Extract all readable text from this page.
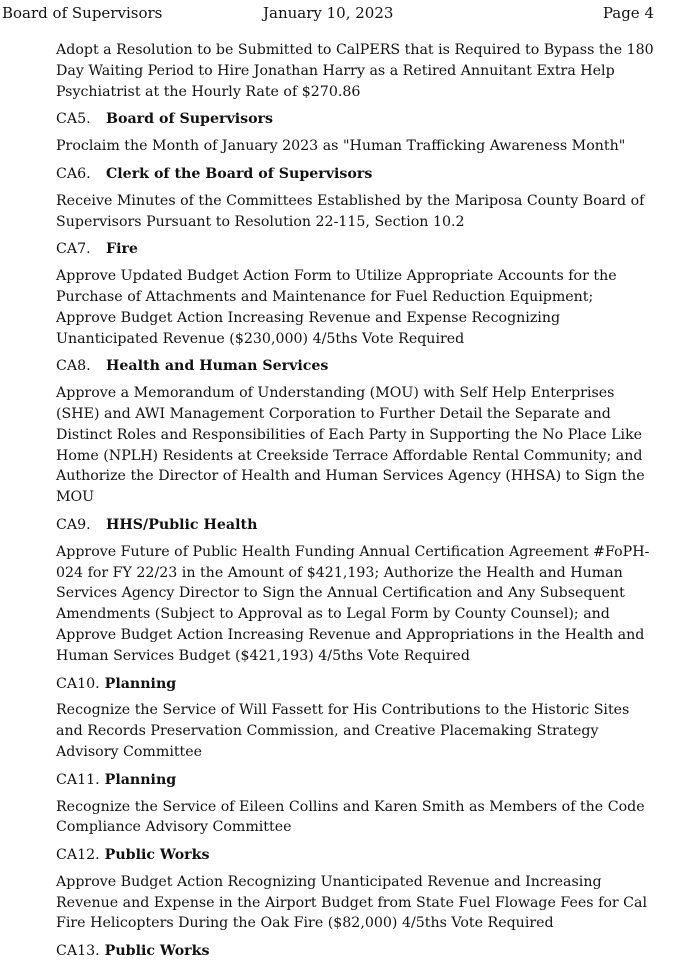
Board of Supervisors	January 10, 2023	Page 4

Adopt a Resolution to be Submitted to CalPERS that is Required to Bypass the 180 Day Waiting Period to Hire Jonathan Harry as a Retired Annuitant Extra Help Psychiatrist at the Hourly Rate of $270.86

CA5.	Board of Supervisors

Proclaim the Month of January 2023 as "Human Trafficking Awareness Month"

CA6.	Clerk of the Board of Supervisors

Receive Minutes of the Committees Established by the Mariposa County Board of Supervisors Pursuant to Resolution 22-115, Section 10.2

CA7.	Fire

Approve Updated Budget Action Form to Utilize Appropriate Accounts for the Purchase of Attachments and Maintenance for Fuel Reduction Equipment; Approve Budget Action Increasing Revenue and Expense Recognizing Unanticipated Revenue ($230,000) 4/5ths Vote Required

CA8.	Health and Human Services

Approve a Memorandum of Understanding (MOU) with Self Help Enterprises (SHE) and AWI Management Corporation to Further Detail the Separate and Distinct Roles and Responsibilities of Each Party in Supporting the No Place Like Home (NPLH) Residents at Creekside Terrace Affordable Rental Community; and Authorize the Director of Health and Human Services Agency (HHSA) to Sign the MOU

CA9.	HHS/Public Health

Approve Future of Public Health Funding Annual Certification Agreement #FoPH-024 for FY 22/23 in the Amount of $421,193; Authorize the Health and Human Services Agency Director to Sign the Annual Certification and Any Subsequent Amendments (Subject to Approval as to Legal Form by County Counsel); and Approve Budget Action Increasing Revenue and Appropriations in the Health and Human Services Budget ($421,193) 4/5ths Vote Required

CA10. Planning

Recognize the Service of Will Fassett for His Contributions to the Historic Sites and Records Preservation Commission, and Creative Placemaking Strategy Advisory Committee

CA11. Planning

Recognize the Service of Eileen Collins and Karen Smith as Members of the Code Compliance Advisory Committee

CA12. Public Works

Approve Budget Action Recognizing Unanticipated Revenue and Increasing Revenue and Expense in the Airport Budget from State Fuel Flowage Fees for Cal Fire Helicopters During the Oak Fire ($82,000) 4/5ths Vote Required

CA13. Public Works
